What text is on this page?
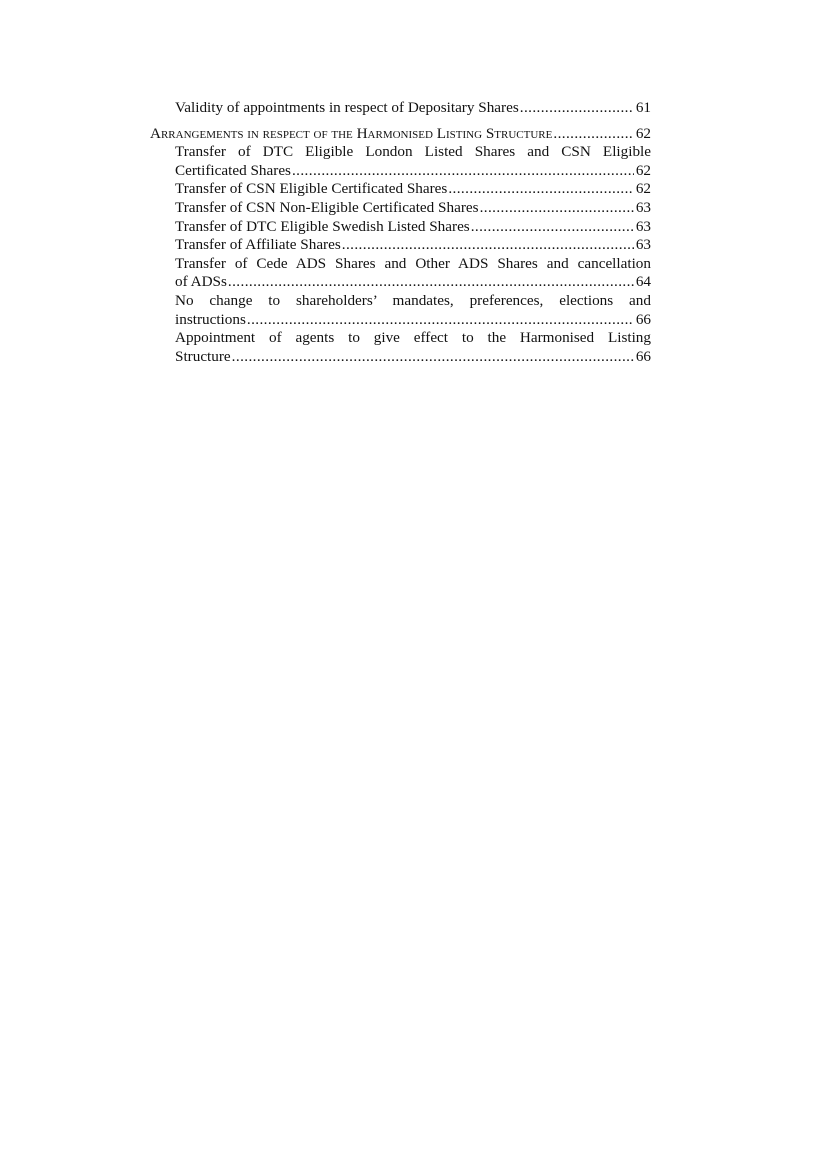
Validity of appointments in respect of Depositary Shares .....	61
Arrangements in respect of the Harmonised Listing Structure .....	62
Transfer of DTC Eligible London Listed Shares and CSN Eligible
Certificated Shares .....	62
Transfer of CSN Eligible Certificated Shares .....	62
Transfer of CSN Non-Eligible Certificated Shares .....	63
Transfer of DTC Eligible Swedish Listed Shares .....	63
Transfer of Affiliate Shares .....	63
Transfer of Cede ADS Shares and Other ADS Shares and cancellation
of ADSs .....	64
No change to shareholders’ mandates, preferences, elections and
instructions .....	66
Appointment of agents to give effect to the Harmonised Listing
Structure .....	66
